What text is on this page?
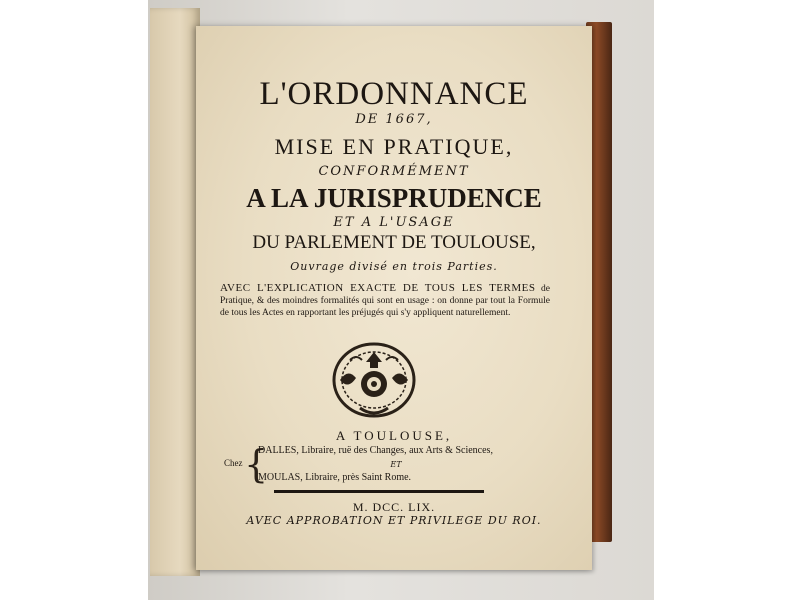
L'ORDONNANCE
DE 1667,
MISE EN PRATIQUE,
CONFORMÉMENT
A LA JURISPRUDENCE
ET A L'USAGE
DU PARLEMENT DE TOULOUSE,
Ouvrage divisé en trois Parties.
AVEC L'EXPLICATION EXACTE DE TOUS LES TERMES de Pratique, & des moindres formalités qui sont en usage : on donne par tout la Formule de tous les Actes en rapportant les préjugés qui s'y appliquent naturellement.
A TOULOUSE,
Chez {
DALLES, Libraire, ruë des Changes, aux Arts & Sciences,
ET
MOULAS, Libraire, près Saint Rome.
M. DCC. LIX.
AVEC APPROBATION ET PRIVILEGE DU ROI.
